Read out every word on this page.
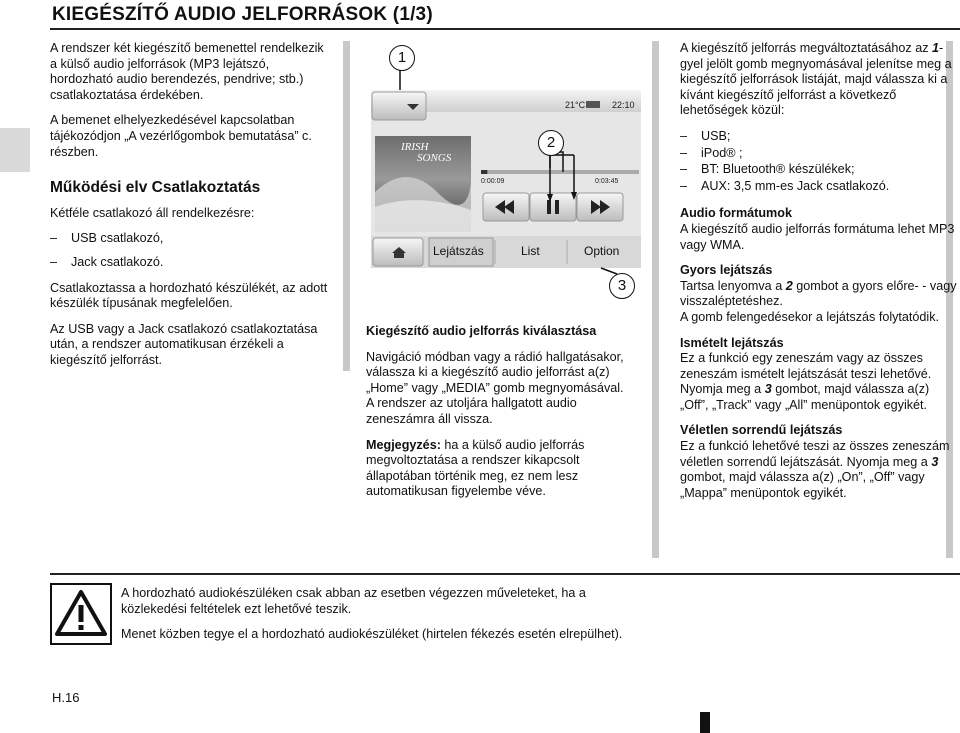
KIEGÉSZÍTŐ AUDIO JELFORRÁSOK (1/3)

A rendszer két kiegészítő bemenettel rendelkezik a külső audio jelforrások (MP3 lejátszó, hordozható audio berendezés, pendrive; stb.) csatlakoztatása érdekében.

A bemenet elhelyezkedésével kapcsolatban tájékozódjon „A vezérlőgombok bemutatása” c. részben.

Működési elv Csatlakoztatás

Kétféle csatlakozó áll rendelkezésre:

– USB csatlakozó,
– Jack csatlakozó.

Csatlakoztassa a hordozható készülékét, az adott készülék típusának megfelelően.

Az USB vagy a Jack csatlakozó csatlakoztatása után, a rendszer automatikusan érzékeli a kiegészítő jelforrást.

21°C	22:10
IRISH
SONGS
0:00:09	0:03:45
Lejátszás	List	Option
1
2
3
Kiegészítő audio jelforrás kiválasztása

Navigáció módban vagy a rádió hallgatásakor, válassza ki a kiegészítő audio jelforrást a(z) „Home” vagy „MEDIA” gomb megnyomásával.

A rendszer az utoljára hallgatott audio zeneszámra áll vissza.

Megjegyzés: ha a külső audio jelforrás megvoltoztatása a rendszer kikapcsolt állapotában történik meg, ez nem lesz automatikusan figyelembe véve.

A kiegészítő jelforrás megváltoztatásához az 1-gyel jelölt gomb megnyomásával jelenítse meg a kiegészítő jelforrások listáját, majd válassza ki a kívánt kiegészítő jelforrást a következő lehetőségek közül:

– USB;
– iPod® ;
– BT: Bluetooth® készülékek;
– AUX: 3,5 mm-es Jack csatlakozó.
Audio formátumok

A kiegészítő audio jelforrás formátuma lehet MP3 vagy WMA.

Gyors lejátszás

Tartsa lenyomva a 2 gombot a gyors előre- - vagy visszaléptetéshez.

A gomb felengedésekor a lejátszás folytatódik.

Ismételt lejátszás

Ez a funkció egy zeneszám vagy az összes zeneszám ismételt lejátszását teszi lehetővé.

Nyomja meg a 3 gombot, majd válassza a(z) „Off”, „Track” vagy „All” menüpontok egyikét.

Véletlen sorrendű lejátszás

Ez a funkció lehetővé teszi az összes zeneszám véletlen sorrendű lejátszását. Nyomja meg a 3 gombot, majd válassza a(z) „On”, „Off” vagy „Mappa” menüpontok egyikét.

A hordozható audiokészüléken csak abban az esetben végezzen műveleteket, ha a közlekedési feltételek ezt lehetővé teszik.

Menet közben tegye el a hordozható audiokészüléket (hirtelen fékezés esetén elrepülhet).

H.16
